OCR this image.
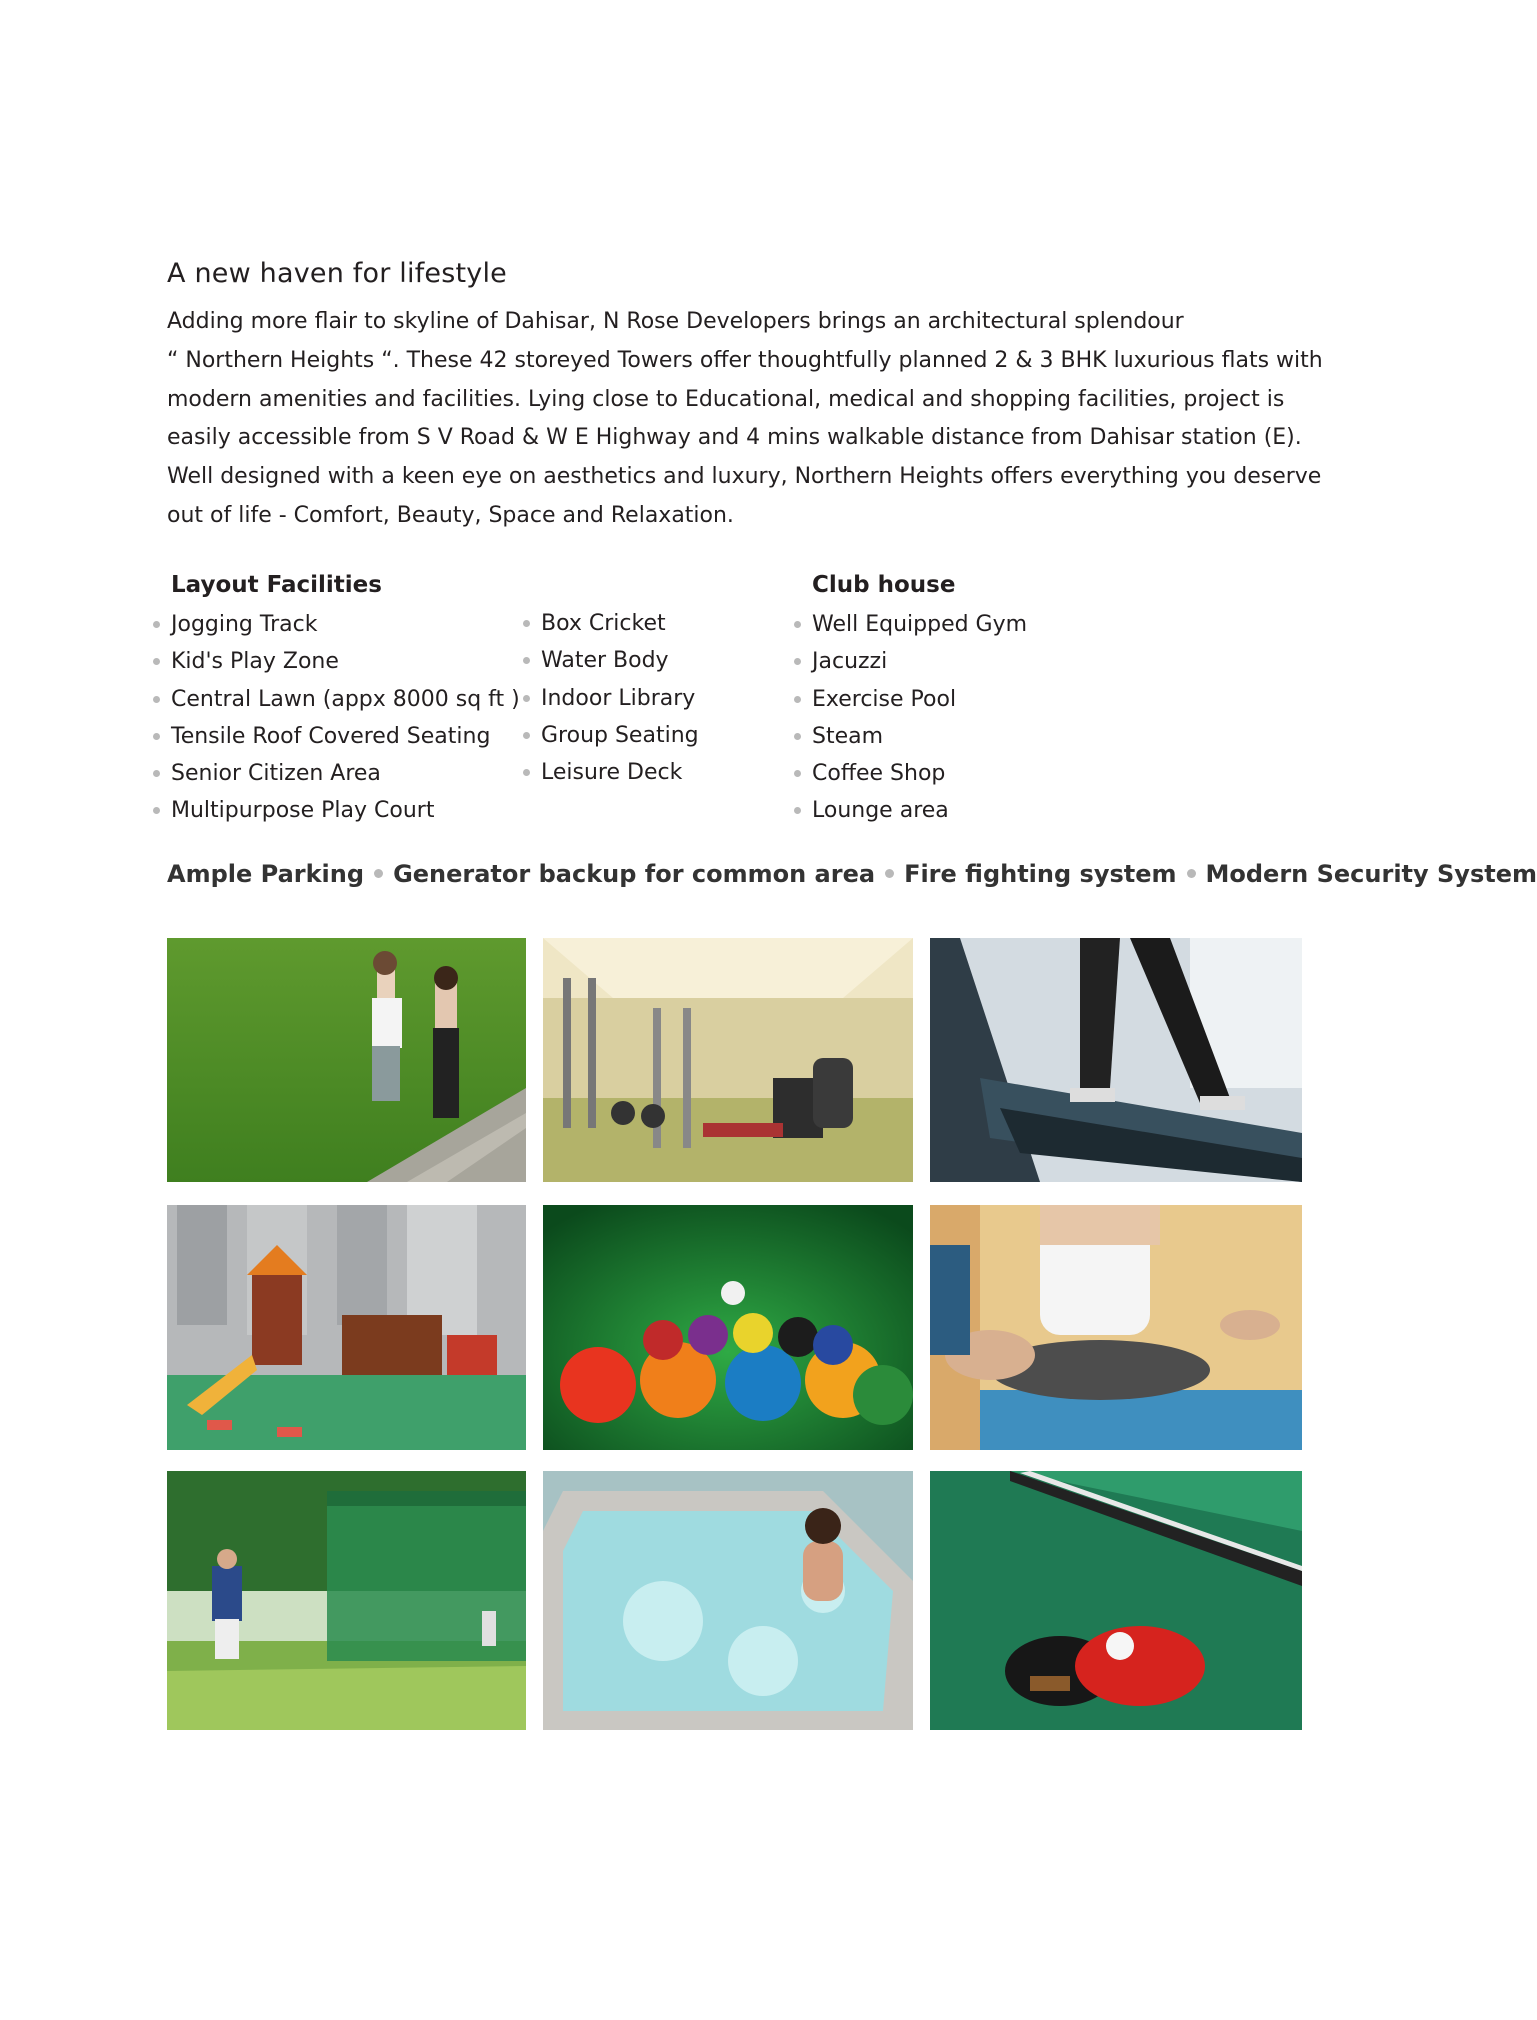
A new haven for lifestyle
Adding more flair to skyline of Dahisar, N Rose Developers brings an architectural splendour
“ Northern Heights “. These 42 storeyed Towers offer thoughtfully planned 2 & 3 BHK luxurious flats with
modern amenities and facilities. Lying close to Educational, medical and shopping facilities, project is
easily accessible from S V Road & W E Highway and 4 mins walkable distance from Dahisar station (E).
Well designed with a keen eye on aesthetics and luxury, Northern Heights offers everything you deserve
out of life - Comfort, Beauty, Space and Relaxation.
Layout Facilities
Jogging Track
Kid's Play Zone
Central Lawn (appx 8000 sq ft )
Tensile Roof Covered Seating
Senior Citizen Area
Multipurpose Play Court
Box Cricket
Water Body
Indoor Library
Group Seating
Leisure Deck
Club house
Well Equipped Gym
Jacuzzi
Exercise Pool
Steam
Coffee Shop
Lounge area
Ample Parking Generator backup for common area Fire fighting system Modern Security System
